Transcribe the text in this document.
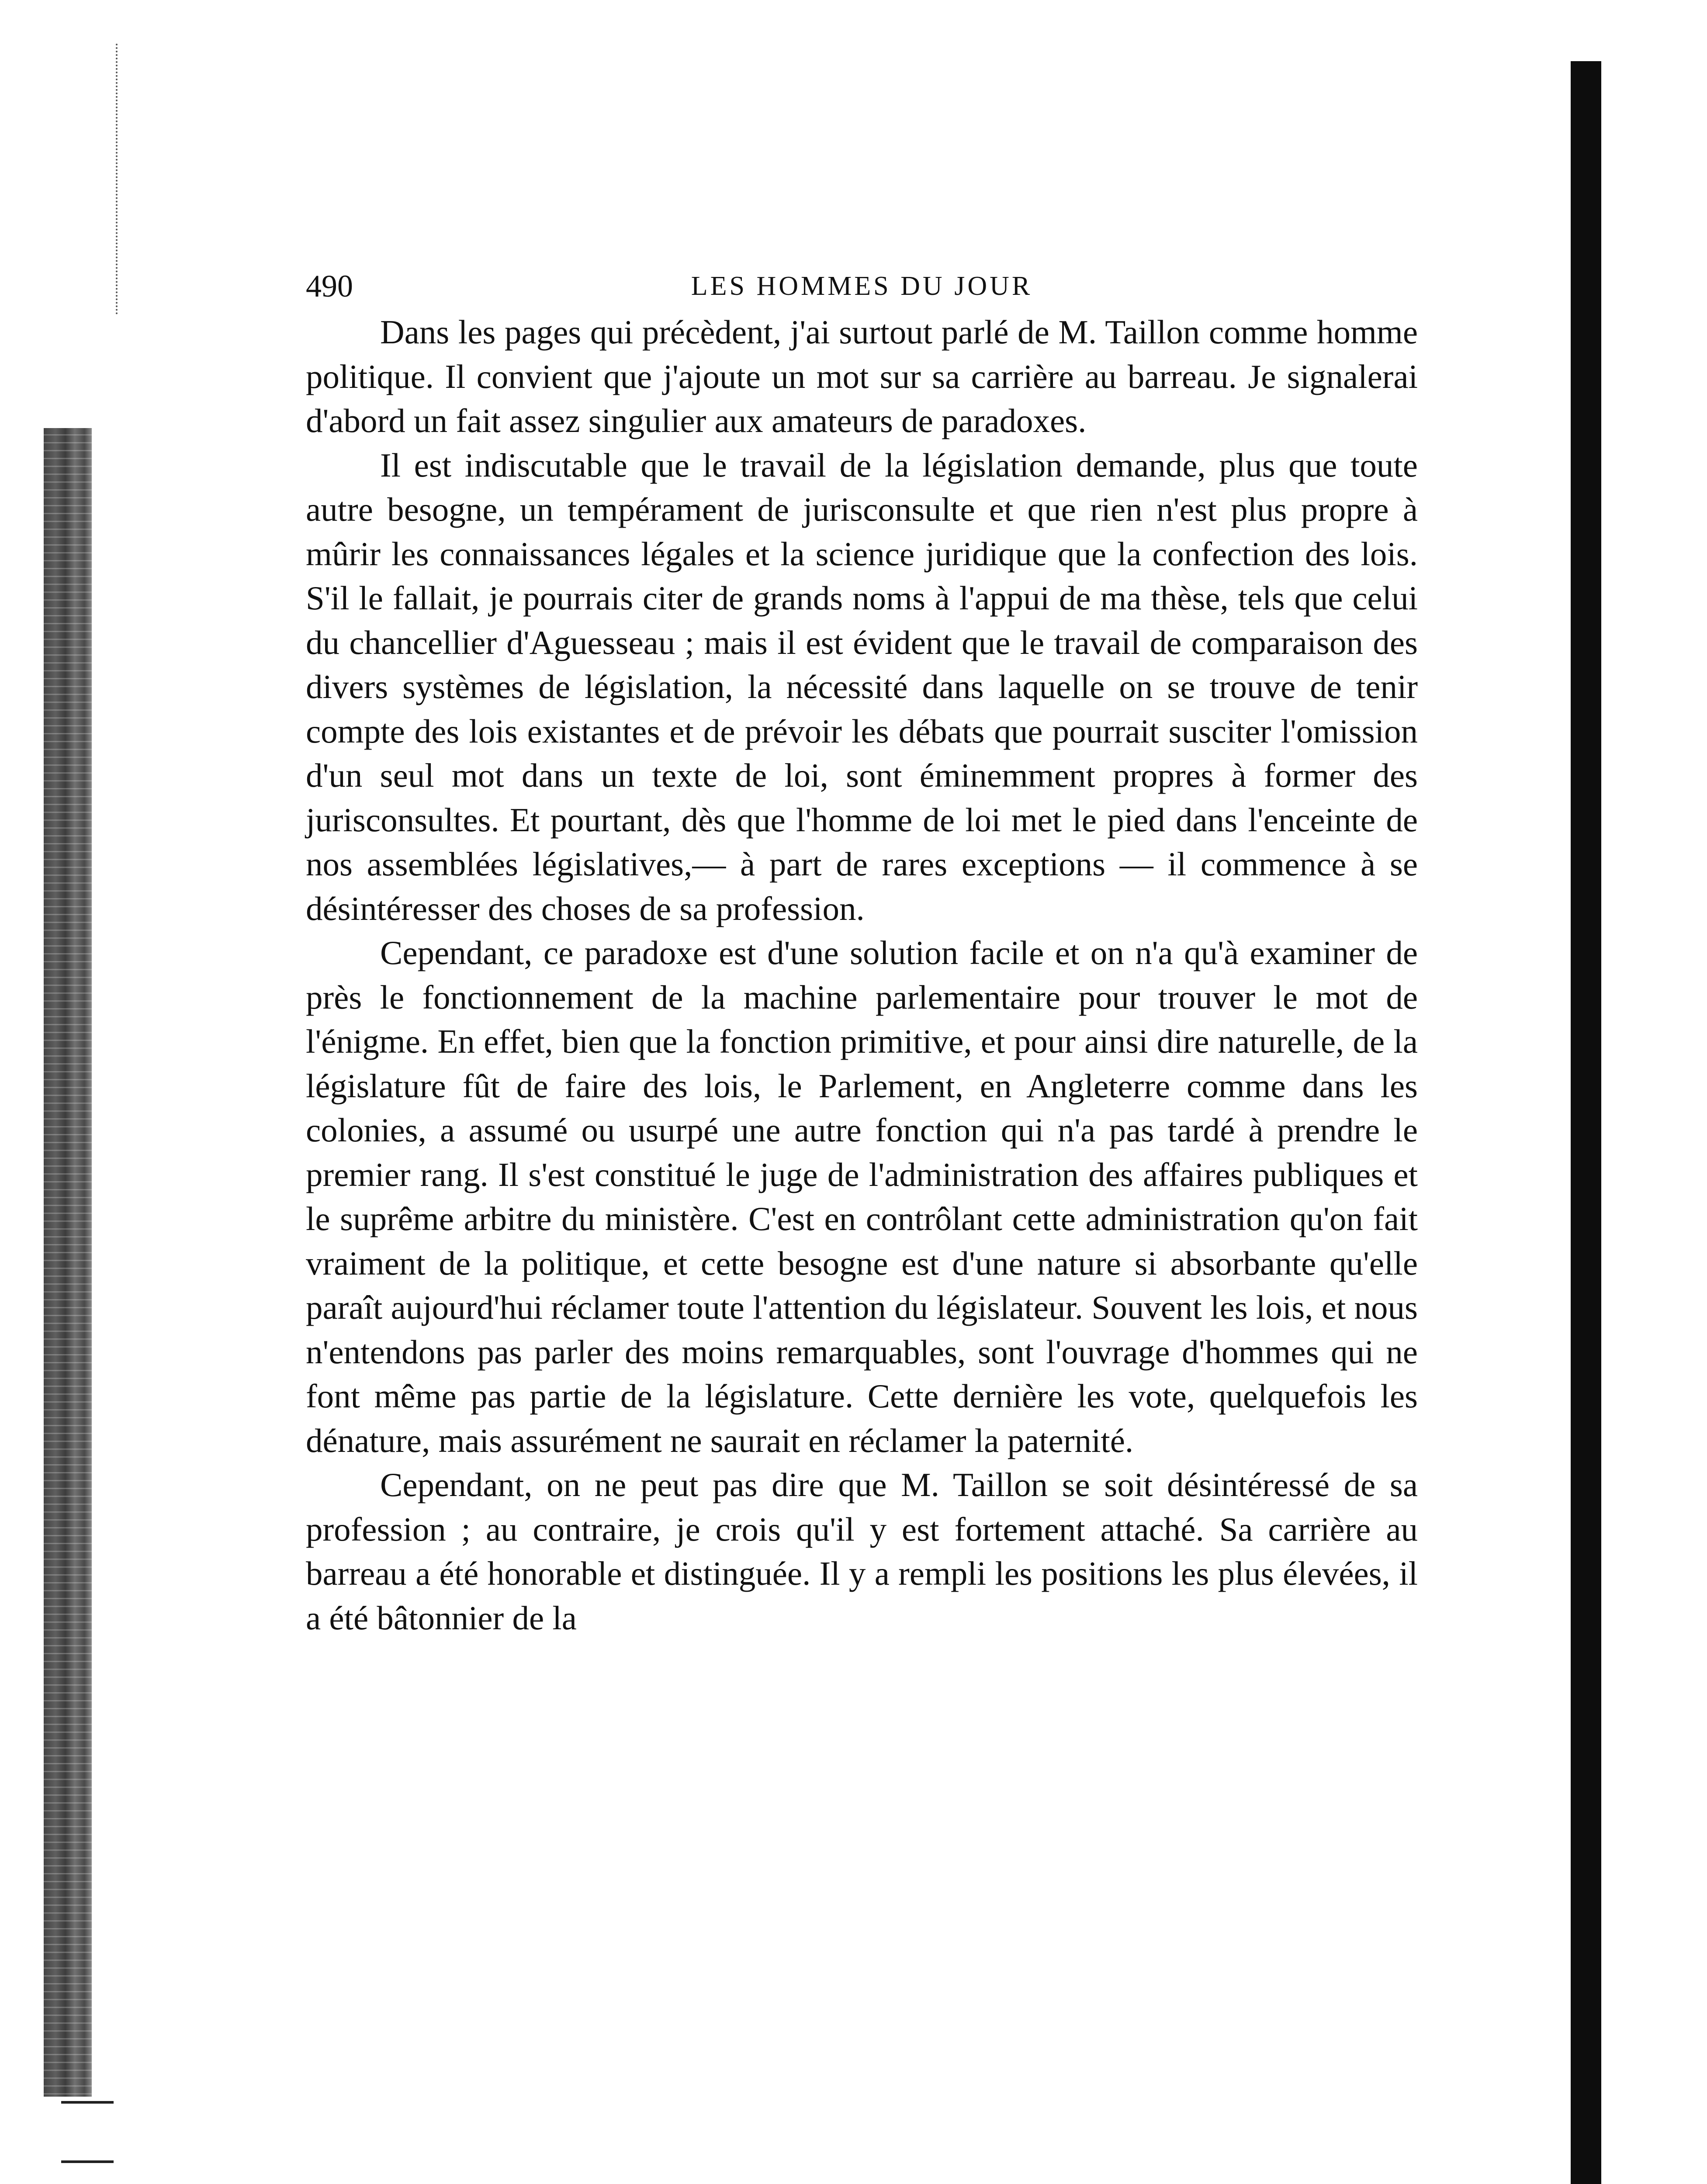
490	LES HOMMES DU JOUR

Dans les pages qui précèdent, j'ai surtout parlé de M. Taillon comme homme politique. Il convient que j'ajoute un mot sur sa carrière au barreau. Je signalerai d'abord un fait assez singulier aux amateurs de paradoxes.

Il est indiscutable que le travail de la législation demande, plus que toute autre besogne, un tempérament de jurisconsulte et que rien n'est plus propre à mûrir les connaissances légales et la science juridique que la confection des lois. S'il le fallait, je pourrais citer de grands noms à l'appui de ma thèse, tels que celui du chancellier d'Aguesseau ; mais il est évident que le travail de comparaison des divers systèmes de législation, la nécessité dans laquelle on se trouve de tenir compte des lois existantes et de prévoir les débats que pourrait susciter l'omission d'un seul mot dans un texte de loi, sont éminemment propres à former des jurisconsultes. Et pourtant, dès que l'homme de loi met le pied dans l'enceinte de nos assemblées législatives,— à part de rares exceptions — il commence à se désintéresser des choses de sa profession.

Cependant, ce paradoxe est d'une solution facile et on n'a qu'à examiner de près le fonctionnement de la machine parlementaire pour trouver le mot de l'énigme. En effet, bien que la fonction primitive, et pour ainsi dire naturelle, de la législature fût de faire des lois, le Parlement, en Angleterre comme dans les colonies, a assumé ou usurpé une autre fonction qui n'a pas tardé à prendre le premier rang. Il s'est constitué le juge de l'administration des affaires publiques et le suprême arbitre du ministère. C'est en contrôlant cette administration qu'on fait vraiment de la politique, et cette besogne est d'une nature si absorbante qu'elle paraît aujourd'hui réclamer toute l'attention du législateur. Souvent les lois, et nous n'entendons pas parler des moins remarquables, sont l'ouvrage d'hommes qui ne font même pas partie de la législature. Cette dernière les vote, quelquefois les dénature, mais assurément ne saurait en réclamer la paternité.

Cependant, on ne peut pas dire que M. Taillon se soit désintéressé de sa profession ; au contraire, je crois qu'il y est fortement attaché. Sa carrière au barreau a été honorable et distinguée. Il y a rempli les positions les plus élevées, il a été bâtonnier de la
